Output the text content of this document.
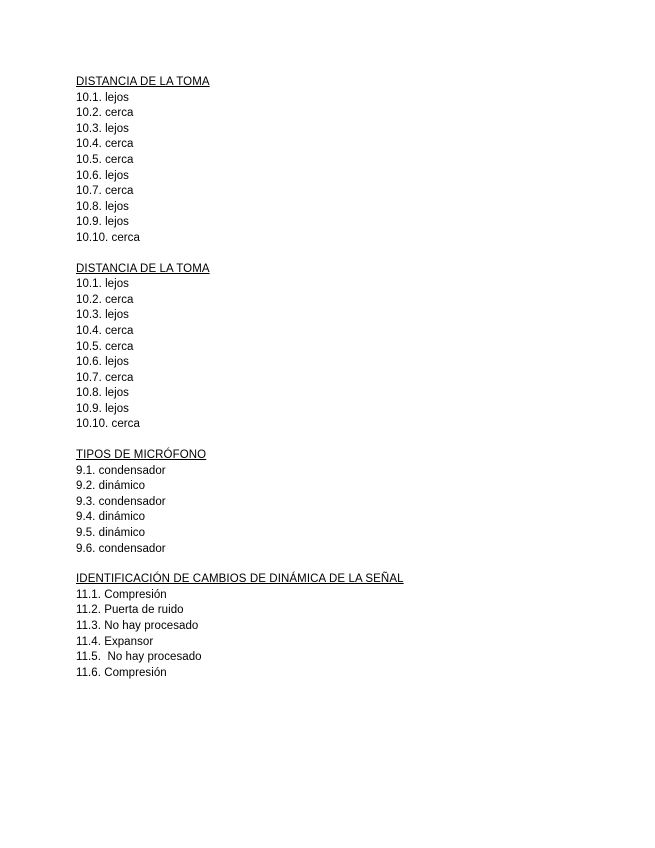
DISTANCIA DE LA TOMA
10.1. lejos
10.2. cerca
10.3. lejos
10.4. cerca
10.5. cerca
10.6. lejos
10.7. cerca
10.8. lejos
10.9. lejos
10.10. cerca
DISTANCIA DE LA TOMA
10.1. lejos
10.2. cerca
10.3. lejos
10.4. cerca
10.5. cerca
10.6. lejos
10.7. cerca
10.8. lejos
10.9. lejos
10.10. cerca
TIPOS DE MICRÓFONO
9.1. condensador
9.2. dinámico
9.3. condensador
9.4. dinámico
9.5. dinámico
9.6. condensador
IDENTIFICACIÓN DE CAMBIOS DE DINÁMICA DE LA SEÑAL
11.1. Compresión
11.2. Puerta de ruido
11.3. No hay procesado
11.4. Expansor
11.5.  No hay procesado
11.6. Compresión
